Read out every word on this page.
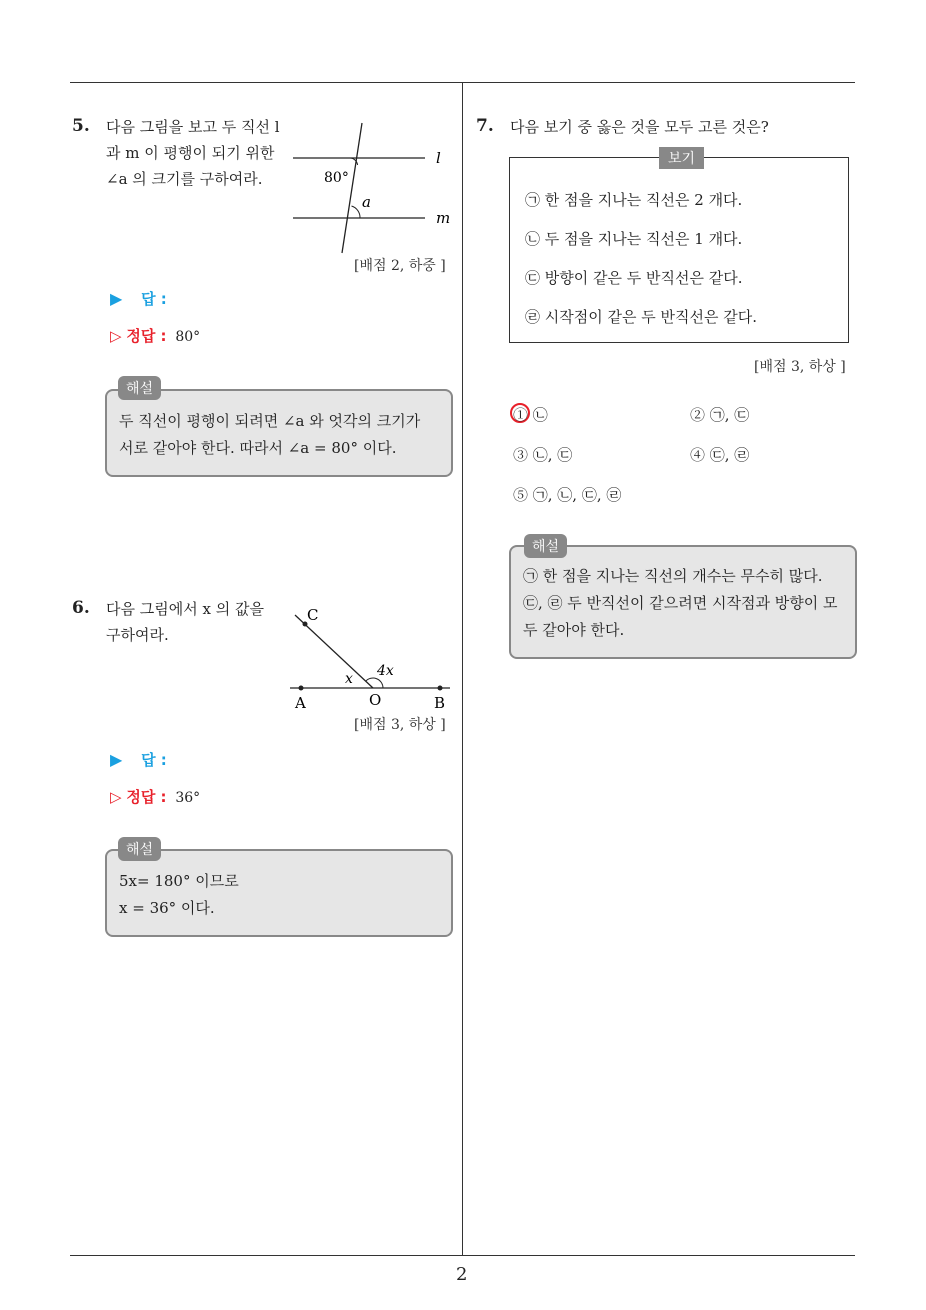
5. 다음 그림을 보고 두 직선 l
과 m 이 평행이 되기 위한
∠a 의 크기를 구하여라.
l
m
80°
a
[배점 2, 하중 ]
▶ 답 :
▷ 정답 : 80°
두 직선이 평행이 되려면 ∠a 와 엇각의 크기가
서로 같아야 한다. 따라서 ∠a = 80° 이다.
해설
6. 다음 그림에서 x 의 값을
구하여라.
C
A	O	B
x 4x
[배점 3, 하상 ]
▶ 답 :
▷ 정답 : 36°
5x= 180° 이므로
x = 36° 이다.
해설
7. 다음 보기 중 옳은 것을 모두 고른 것은?
보기
㉠ 한 점을 지나는 직선은 2 개다.
㉡ 두 점을 지나는 직선은 1 개다.
㉢ 방향이 같은 두 반직선은 같다.
㉣ 시작점이 같은 두 반직선은 같다.
[배점 3, 하상 ]
① ㉡	② ㉠, ㉢
③ ㉡, ㉢	④ ㉢, ㉣
⑤ ㉠, ㉡, ㉢, ㉣
㉠ 한 점을 지나는 직선의 개수는 무수히 많다.
㉢, ㉣ 두 반직선이 같으려면 시작점과 방향이 모
두 같아야 한다.
해설
2
